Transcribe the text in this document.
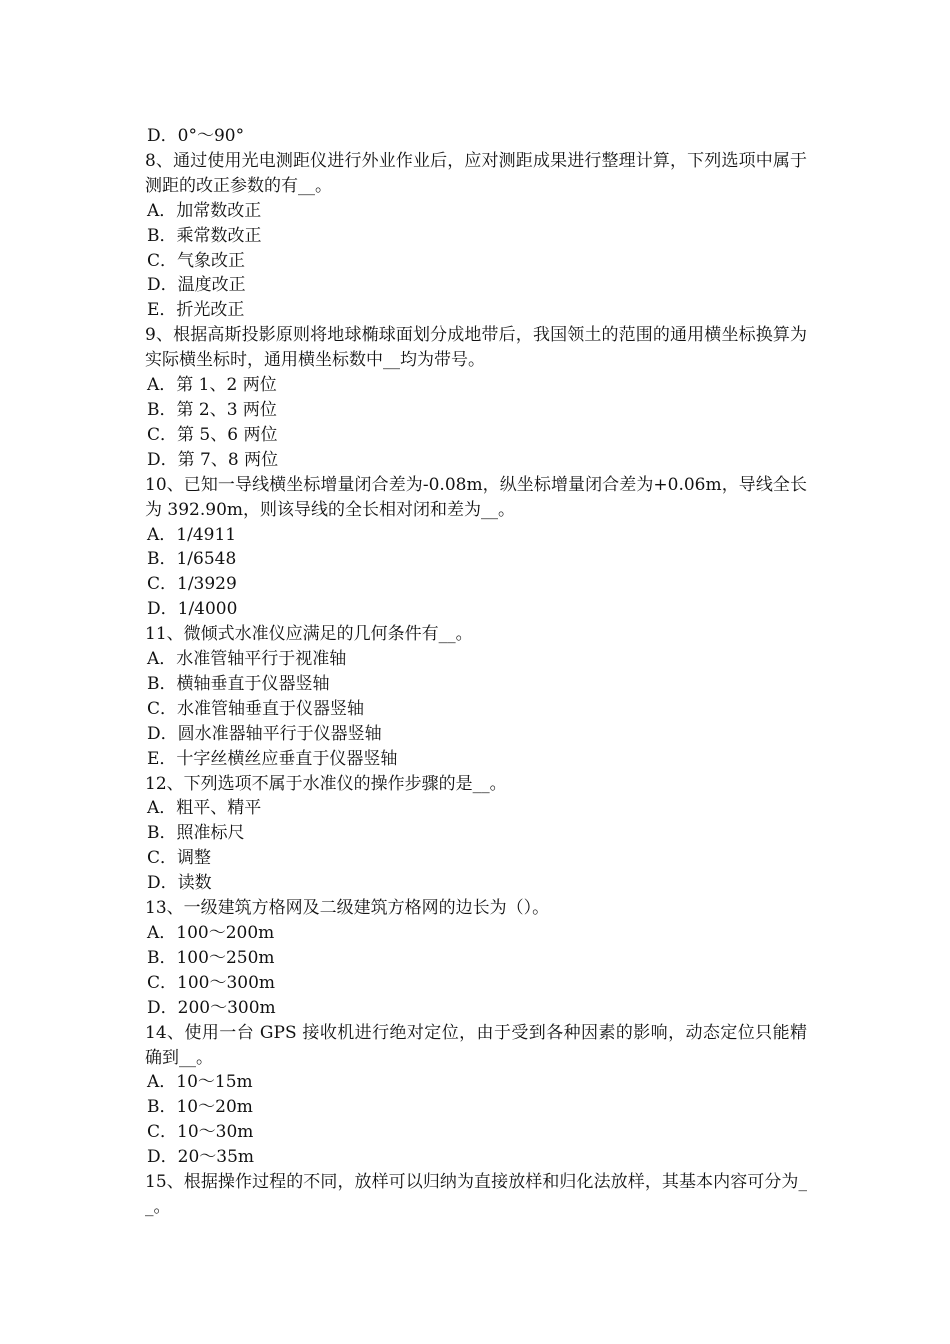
D．0°～90°

8、通过使用光电测距仪进行外业作业后，应对测距成果进行整理计算，下列选项中属于测距的改正参数的有__。

A．加常数改正

B．乘常数改正

C．气象改正

D．温度改正

E．折光改正

9、根据高斯投影原则将地球椭球面划分成地带后，我国领土的范围的通用横坐标换算为实际横坐标时，通用横坐标数中__均为带号。

A．第 1、2 两位

B．第 2、3 两位

C．第 5、6 两位

D．第 7、8 两位

10、已知一导线横坐标增量闭合差为-0.08m，纵坐标增量闭合差为+0.06m，导线全长为 392.90m，则该导线的全长相对闭和差为__。

A．1/4911

B．1/6548

C．1/3929

D．1/4000

11、微倾式水准仪应满足的几何条件有__。

A．水准管轴平行于视准轴

B．横轴垂直于仪器竖轴

C．水准管轴垂直于仪器竖轴

D．圆水准器轴平行于仪器竖轴

E．十字丝横丝应垂直于仪器竖轴

12、下列选项不属于水准仪的操作步骤的是__。

A．粗平、精平

B．照准标尺

C．调整

D．读数

13、一级建筑方格网及二级建筑方格网的边长为（）。

A．100～200m

B．100～250m

C．100～300m

D．200～300m

14、使用一台 GPS 接收机进行绝对定位，由于受到各种因素的影响，动态定位只能精确到__。

A．10～15m

B．10～20m

C．10～30m

D．20～35m

15、根据操作过程的不同，放样可以归纳为直接放样和归化法放样，其基本内容可分为__。
